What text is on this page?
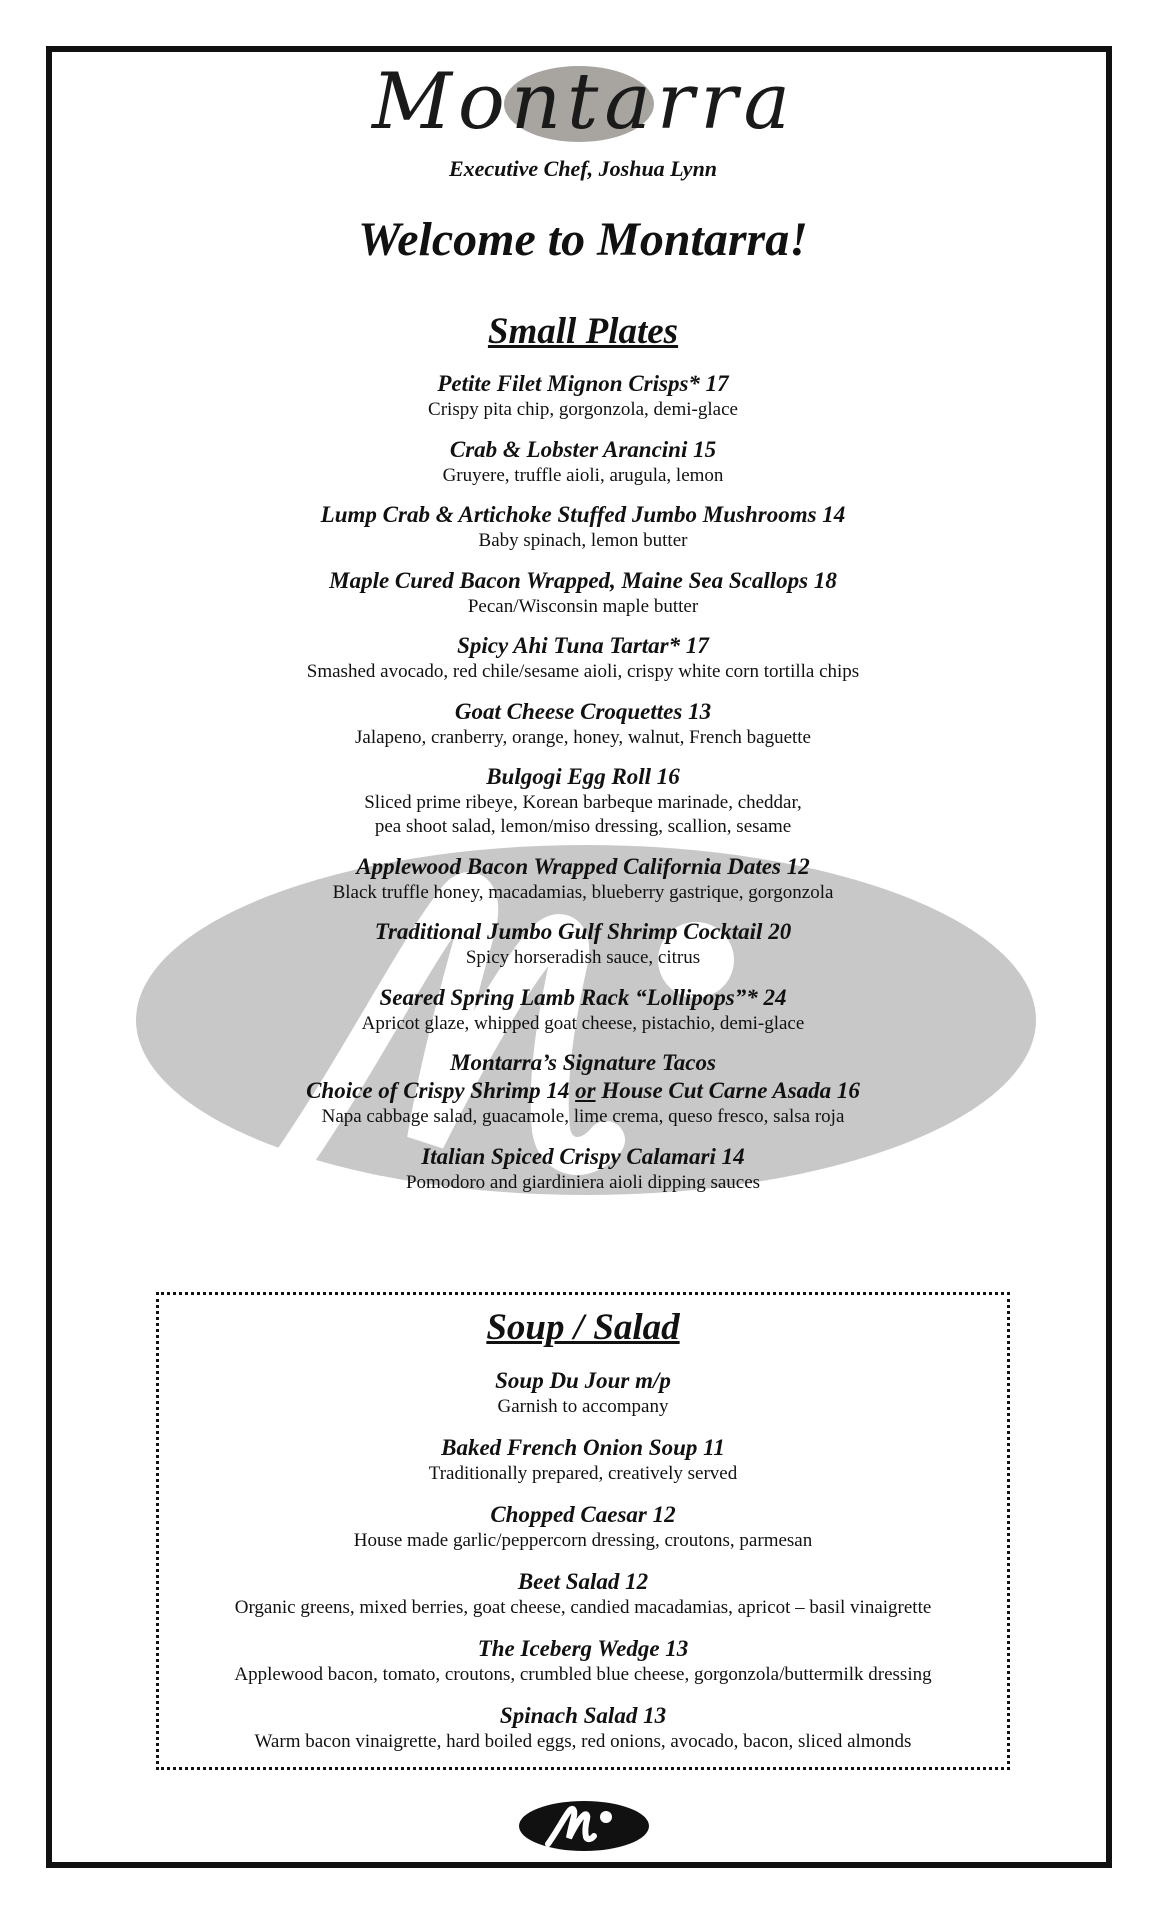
Montarra
Executive Chef, Joshua Lynn
Welcome to Montarra!
Small Plates
Petite Filet Mignon Crisps* 17
Crispy pita chip, gorgonzola, demi-glace
Crab & Lobster Arancini 15
Gruyere, truffle aioli, arugula, lemon
Lump Crab & Artichoke Stuffed Jumbo Mushrooms 14
Baby spinach, lemon butter
Maple Cured Bacon Wrapped, Maine Sea Scallops 18
Pecan/Wisconsin maple butter
Spicy Ahi Tuna Tartar* 17
Smashed avocado, red chile/sesame aioli, crispy white corn tortilla chips
Goat Cheese Croquettes 13
Jalapeno, cranberry, orange, honey, walnut, French baguette
Bulgogi Egg Roll 16
Sliced prime ribeye, Korean barbeque marinade, cheddar,
pea shoot salad, lemon/miso dressing, scallion, sesame
Applewood Bacon Wrapped California Dates 12
Black truffle honey, macadamias, blueberry gastrique, gorgonzola
Traditional Jumbo Gulf Shrimp Cocktail 20
Spicy horseradish sauce, citrus
Seared Spring Lamb Rack “Lollipops”* 24
Apricot glaze, whipped goat cheese, pistachio, demi-glace
Montarra’s Signature Tacos
Choice of Crispy Shrimp 14 or House Cut Carne Asada 16
Napa cabbage salad, guacamole, lime crema, queso fresco, salsa roja
Italian Spiced Crispy Calamari 14
Pomodoro and giardiniera aioli dipping sauces
Soup / Salad
Soup Du Jour m/p
Garnish to accompany
Baked French Onion Soup 11
Traditionally prepared, creatively served
Chopped Caesar 12
House made garlic/peppercorn dressing, croutons, parmesan
Beet Salad 12
Organic greens, mixed berries, goat cheese, candied macadamias, apricot – basil vinaigrette
The Iceberg Wedge 13
Applewood bacon, tomato, croutons, crumbled blue cheese, gorgonzola/buttermilk dressing
Spinach Salad 13
Warm bacon vinaigrette, hard boiled eggs, red onions, avocado, bacon, sliced almonds
